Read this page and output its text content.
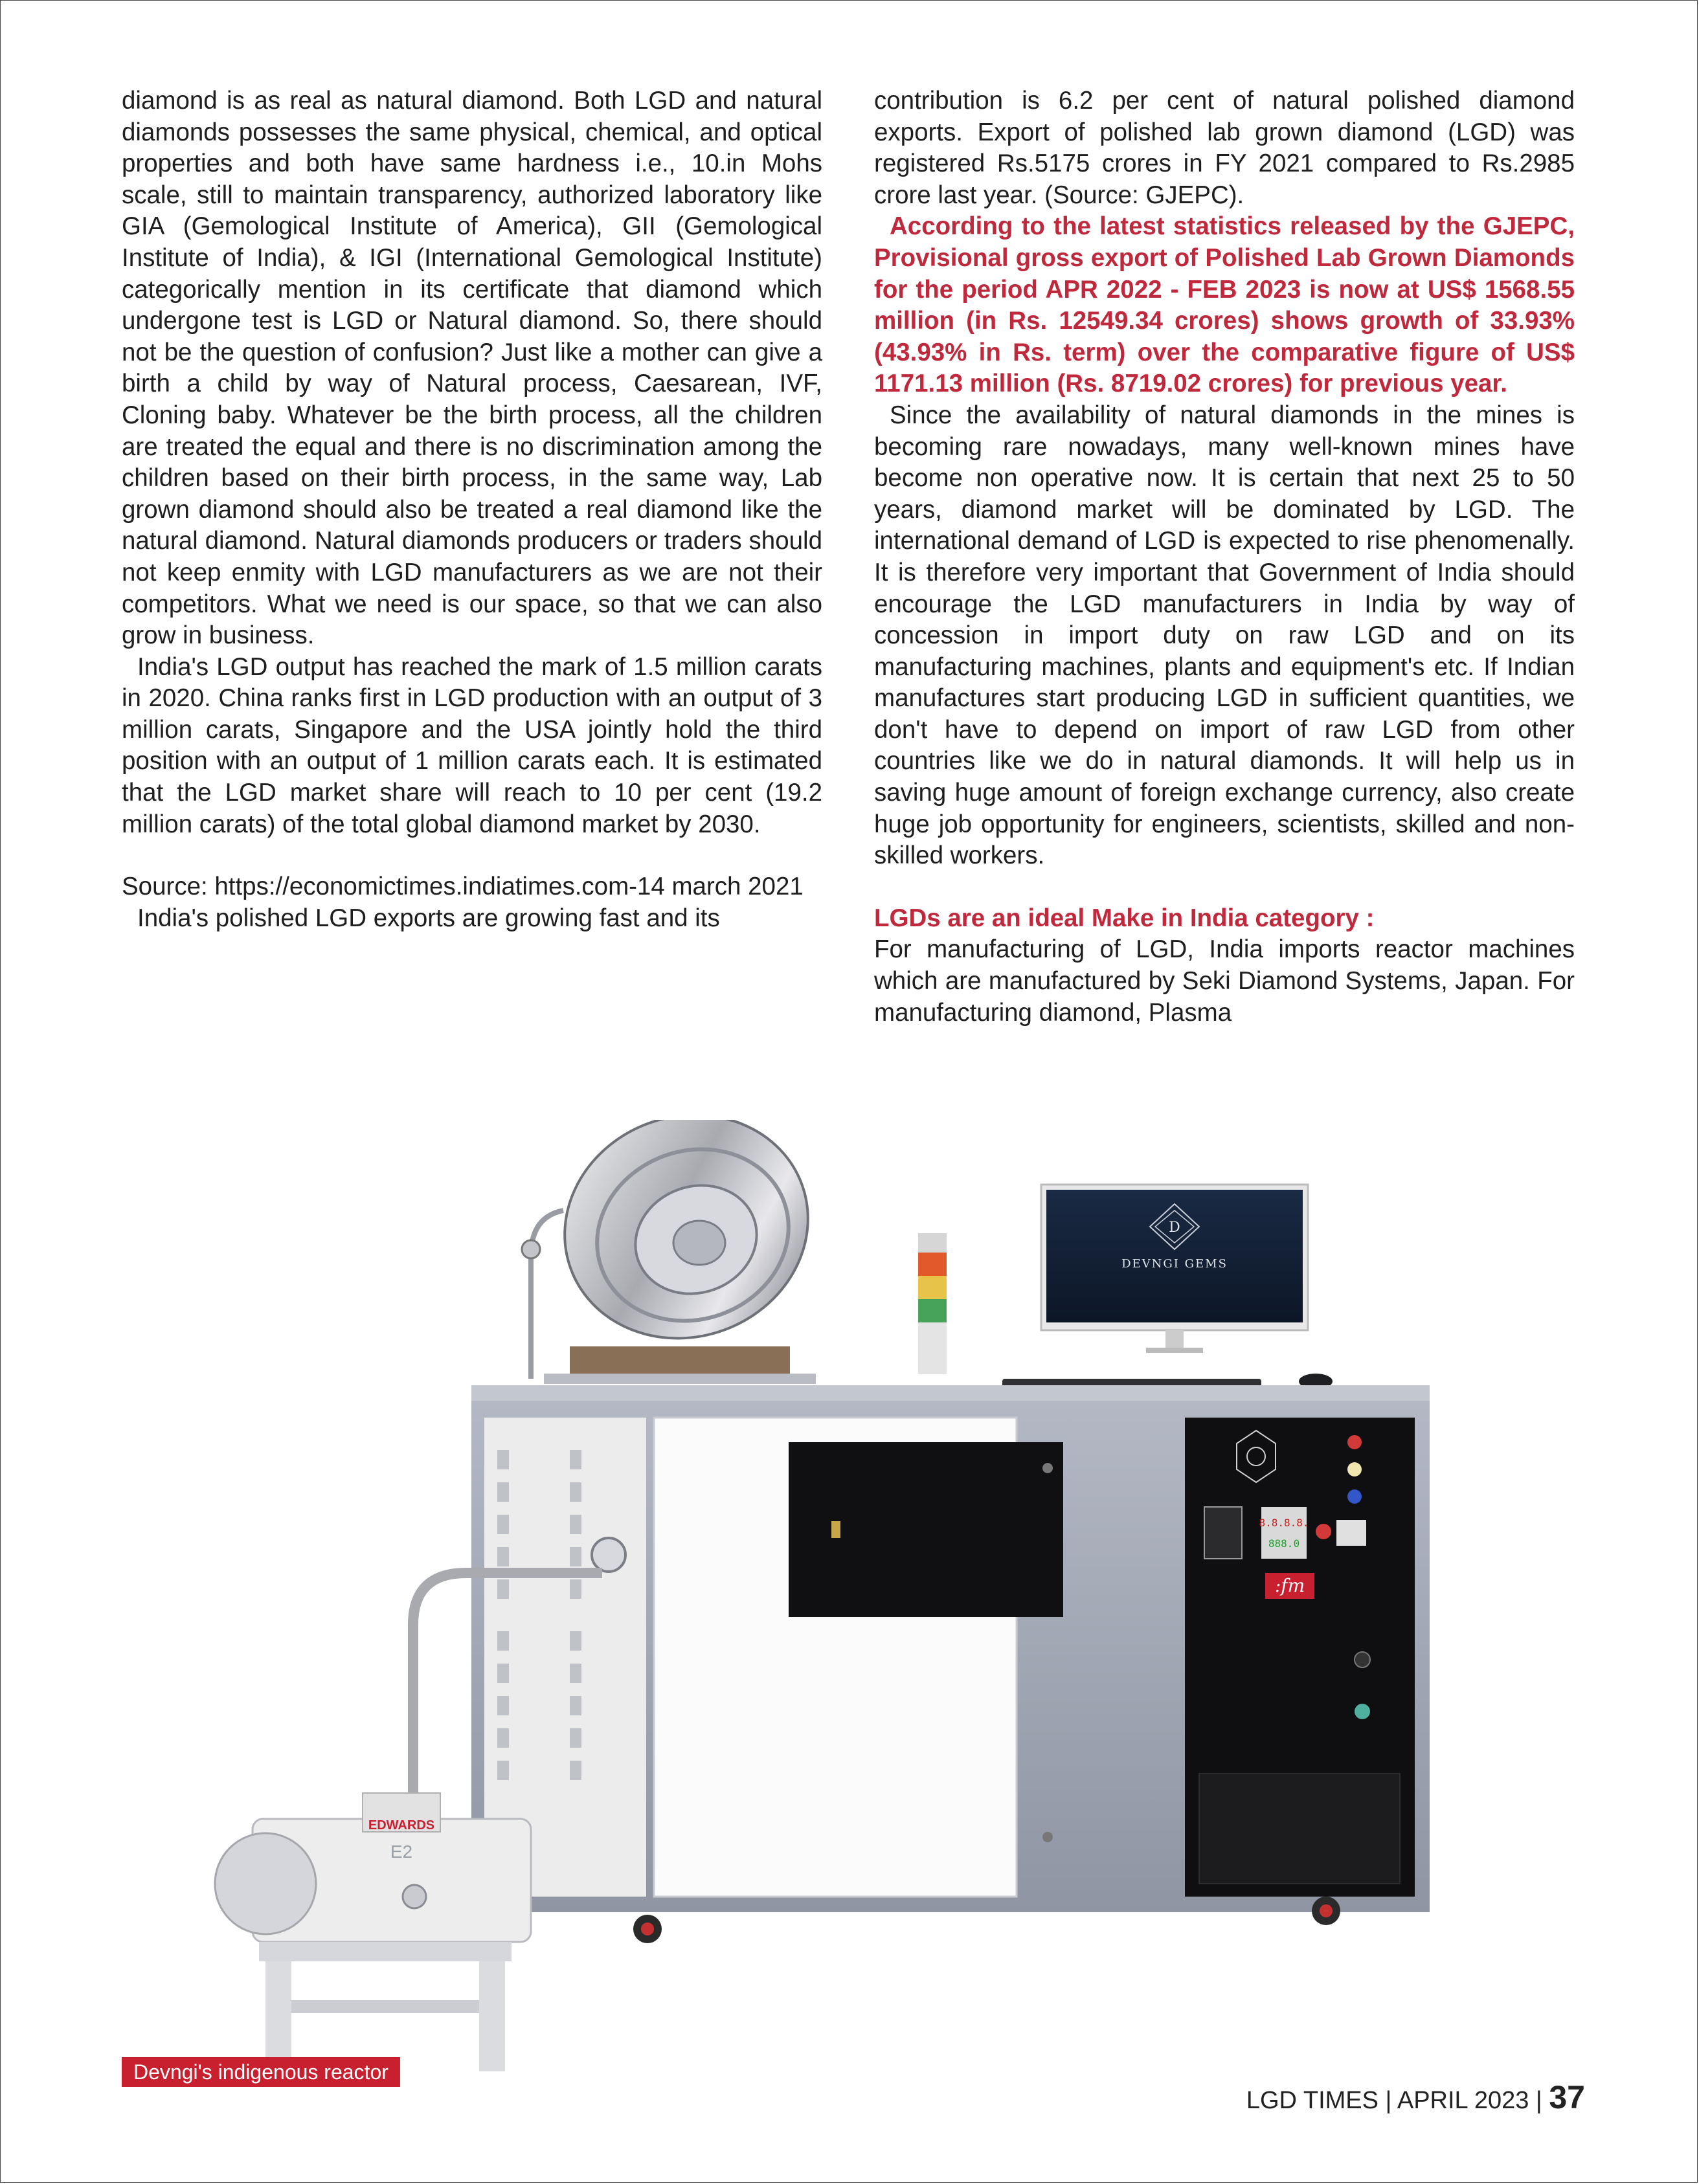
diamond is as real as natural diamond. Both LGD and natural diamonds possesses the same physical, chemical, and optical properties and both have same hardness i.e., 10.in Mohs scale, still to maintain transparency, authorized laboratory like GIA (Gemological Institute of America), GII (Gemological Institute of India), & IGI (International Gemological Institute) categorically mention in its certificate that diamond which undergone test is LGD or Natural diamond. So, there should not be the question of confusion? Just like a mother can give a birth a child by way of Natural process, Caesarean, IVF, Cloning baby. Whatever be the birth process, all the children are treated the equal and there is no discrimination among the children based on their birth process, in the same way, Lab grown diamond should also be treated a real diamond like the natural diamond. Natural diamonds producers or traders should not keep enmity with LGD manufacturers as we are not their competitors. What we need is our space, so that we can also grow in business.

India's LGD output has reached the mark of 1.5 million carats in 2020. China ranks first in LGD production with an output of 3 million carats, Singapore and the USA jointly hold the third position with an output of 1 million carats each. It is estimated that the LGD market share will reach to 10 per cent (19.2 million carats) of the total global diamond market by 2030.

Source: https://economictimes.indiatimes.com-14 march 2021

India's polished LGD exports are growing fast and its

contribution is 6.2 per cent of natural polished diamond exports. Export of polished lab grown diamond (LGD) was registered Rs.5175 crores in FY 2021 compared to Rs.2985 crore last year. (Source: GJEPC).

According to the latest statistics released by the GJEPC, Provisional gross export of Polished Lab Grown Diamonds for the period APR 2022 - FEB 2023 is now at US$ 1568.55 million (in Rs. 12549.34 crores) shows growth of 33.93% (43.93% in Rs. term) over the comparative figure of US$ 1171.13 million (Rs. 8719.02 crores) for previous year.

Since the availability of natural diamonds in the mines is becoming rare nowadays, many well-known mines have become non operative now. It is certain that next 25 to 50 years, diamond market will be dominated by LGD. The international demand of LGD is expected to rise phenomenally. It is therefore very important that Government of India should encourage the LGD manufacturers in India by way of concession in import duty on raw LGD and on its manufacturing machines, plants and equipment's etc. If Indian manufactures start producing LGD in sufficient quantities, we don't have to depend on import of raw LGD from other countries like we do in natural diamonds. It will help us in saving huge amount of foreign exchange currency, also create huge job opportunity for engineers, scientists, skilled and non-skilled workers.

LGDs are an ideal Make in India category :

For manufacturing of LGD, India imports reactor machines which are manufactured by Seki Diamond Systems, Japan. For manufacturing diamond, Plasma

D
DEVNGI GEMS
8.8.8.8.
888.0
:fm
EDWARDS
E2
Devngi's indigenous reactor
LGD TIMES | APRIL 2023 | 37
